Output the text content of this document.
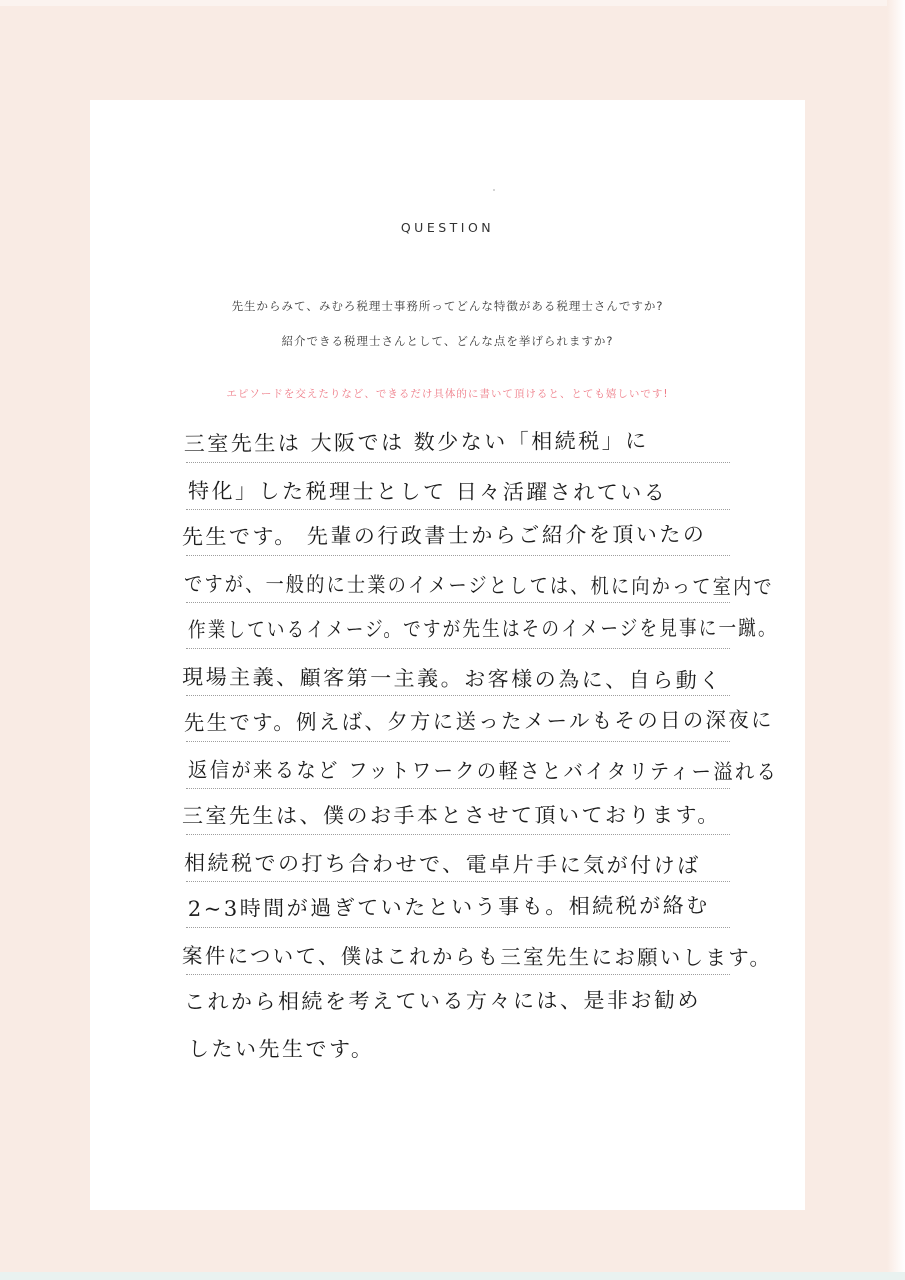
QUESTION
先生からみて、みむろ税理士事務所ってどんな特徴がある税理士さんですか?
紹介できる税理士さんとして、どんな点を挙げられますか?
エピソードを交えたりなど、できるだけ具体的に書いて頂けると、とても嬉しいです!
三室先生は 大阪では 数少ない「相続税」に
特化」した税理士として 日々活躍されている
先生です。 先輩の行政書士からご紹介を頂いたの
ですが、一般的に士業のイメージとしては、机に向かって室内で
作業しているイメージ。ですが先生はそのイメージを見事に一蹴。
現場主義、顧客第一主義。お客様の為に、自ら動く
先生です。例えば、夕方に送ったメールもその日の深夜に
返信が来るなど フットワークの軽さとバイタリティー溢れる
三室先生は、僕のお手本とさせて頂いております。
相続税での打ち合わせで、電卓片手に気が付けば
2~3時間が過ぎていたという事も。相続税が絡む
案件について、僕はこれからも三室先生にお願いします。
これから相続を考えている方々には、是非お勧め
したい先生です。
